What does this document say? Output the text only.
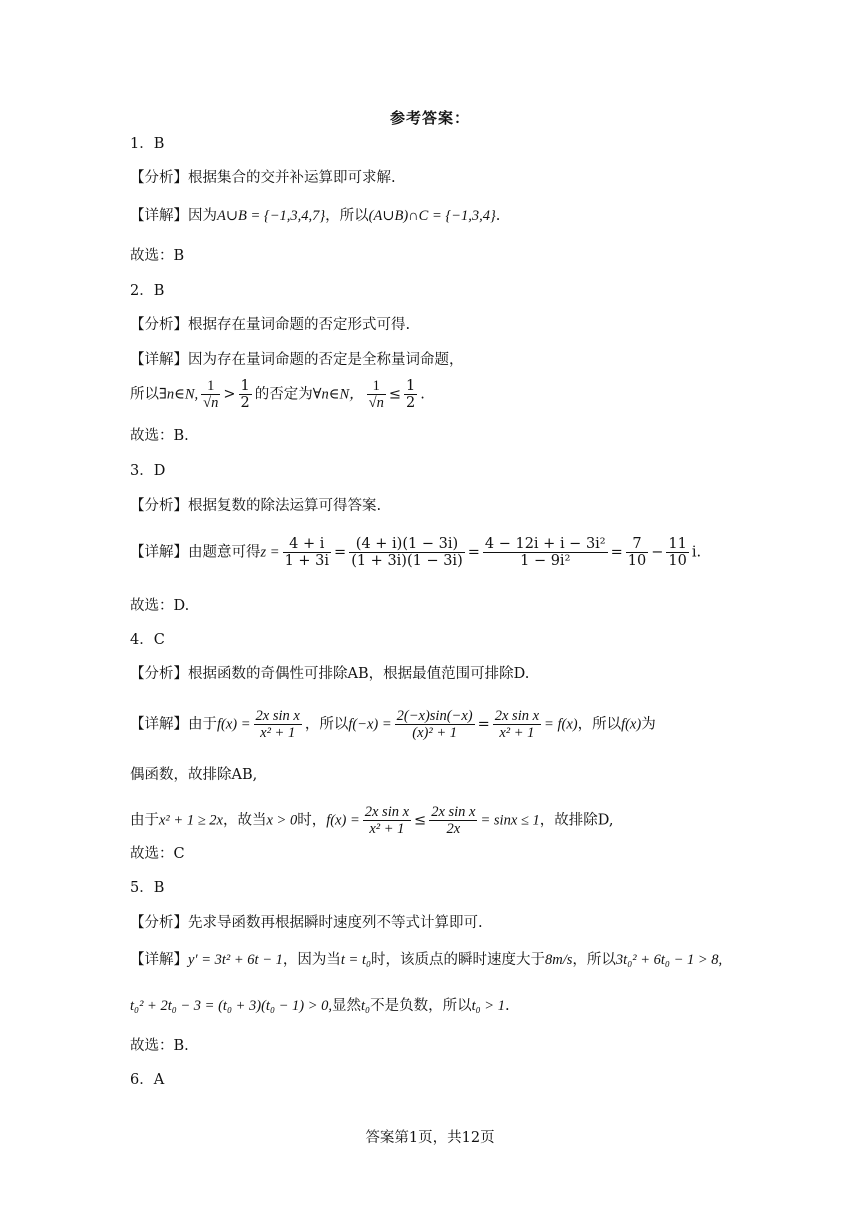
参考答案：
1．B
【分析】根据集合的交并补运算即可求解.
【详解】因为A∪B = {−1,3,4,7}，所以(A∪B)∩C = {−1,3,4}.
故选：B
2．B
【分析】根据存在量词命题的否定形式可得.
【详解】因为存在量词命题的否定是全称量词命题，
所以∃n∈N, $\frac{1}{√n} > \frac{1}{2}$ 的否定为∀n∈N， $\frac{1}{√n} \le \frac{1}{2}$ .
故选：B.
3．D
【分析】根据复数的除法运算可得答案.
【详解】由题意可得$z = \frac{4 + i}{1 + 3i} = \frac{(4 + i)(1 - 3i)}{(1 + 3i)(1 - 3i)} = \frac{\text{4 − 12i + i − 3i²}}{\text{1 − 9i²}} = \frac{7}{10} - \frac{11}{10} i$.
故选：D.
4．C
【分析】根据函数的奇偶性可排除AB，根据最值范围可排除D.
【详解】由于$f(x) = \frac{\text{2x sin x}}{\text{x² + 1}}$ ，所以$f(-x) = \frac{2(-x)\sin(-x)}{\text{(x)² + 1}} = \frac{\text{2x sin x}}{\text{x² + 1}} = f(x)$，所以f(x)为
偶函数，故排除AB,
由于x² + 1 ≥ 2x，故当x > 0时，$f(x) = \frac{\text{2x sin x}}{\text{x² + 1}} \le \frac{\text{2x sin x}}{2x} = \sin x \le 1$，故排除D,
故选：C
5．B
【分析】先求导函数再根据瞬时速度列不等式计算即可.
【详解】y′ = 3t² + 6t − 1，因为当t = t₀时，该质点的瞬时速度大于8m/s，所以3t₀² + 6t₀ − 1 > 8,
t₀² + 2t₀ − 3 = (t₀ + 3)(t₀ − 1) > 0,显然t₀不是负数，所以t₀ > 1.
故选：B.
6．A
答案第1页，共12页
